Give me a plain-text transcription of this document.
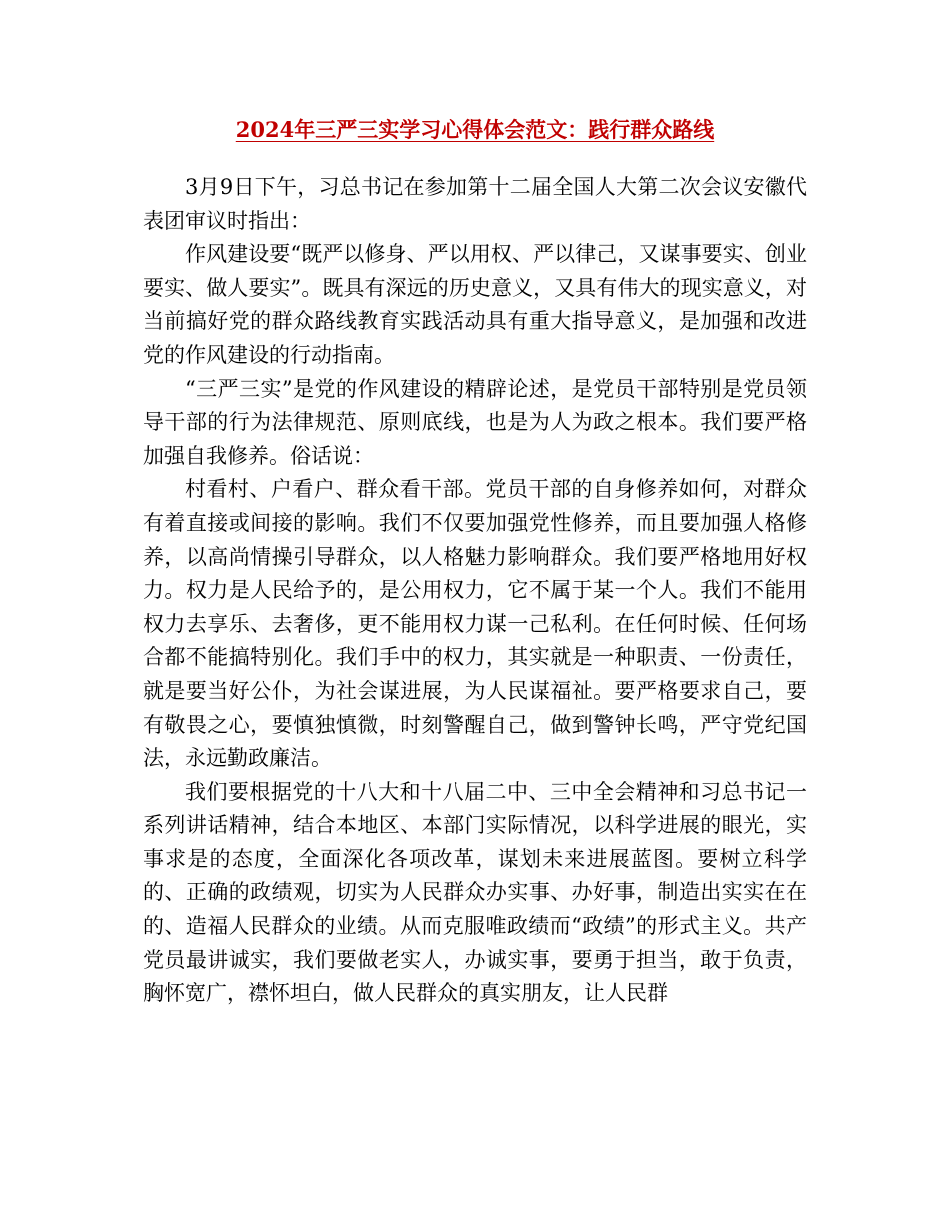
2024年三严三实学习心得体会范文：践行群众路线

3月9日下午，习总书记在参加第十二届全国人大第二次会议安徽代表团审议时指出：

作风建设要“既严以修身、严以用权、严以律己，又谋事要实、创业要实、做人要实”。既具有深远的历史意义，又具有伟大的现实意义，对当前搞好党的群众路线教育实践活动具有重大指导意义，是加强和改进党的作风建设的行动指南。

“三严三实”是党的作风建设的精辟论述，是党员干部特别是党员领导干部的行为法律规范、原则底线，也是为人为政之根本。我们要严格加强自我修养。俗话说：

村看村、户看户、群众看干部。党员干部的自身修养如何，对群众有着直接或间接的影响。我们不仅要加强党性修养，而且要加强人格修养，以高尚情操引导群众，以人格魅力影响群众。我们要严格地用好权力。权力是人民给予的，是公用权力，它不属于某一个人。我们不能用权力去享乐、去奢侈，更不能用权力谋一己私利。在任何时候、任何场合都不能搞特别化。我们手中的权力，其实就是一种职责、一份责任，就是要当好公仆，为社会谋进展，为人民谋福祉。要严格要求自己，要有敬畏之心，要慎独慎微，时刻警醒自己，做到警钟长鸣，严守党纪国法，永远勤政廉洁。

我们要根据党的十八大和十八届二中、三中全会精神和习总书记一系列讲话精神，结合本地区、本部门实际情况，以科学进展的眼光，实事求是的态度，全面深化各项改革，谋划未来进展蓝图。要树立科学的、正确的政绩观，切实为人民群众办实事、办好事，制造出实实在在的、造福人民群众的业绩。从而克服唯政绩而“政绩”的形式主义。共产党员最讲诚实，我们要做老实人，办诚实事，要勇于担当，敢于负责，胸怀宽广，襟怀坦白，做人民群众的真实朋友，让人民群
